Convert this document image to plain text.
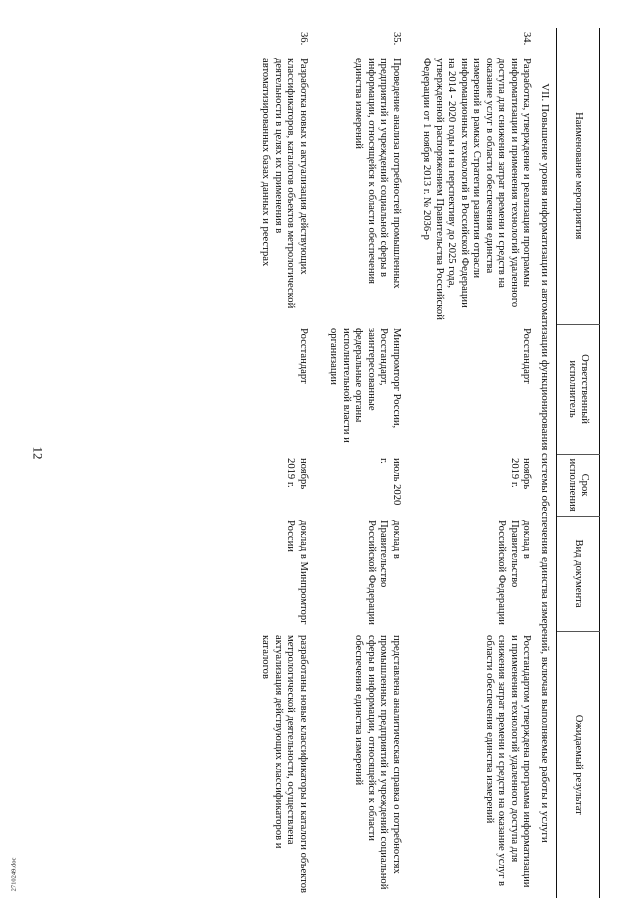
12
2710249.doc
Наименование мероприятия		Ответственный исполнитель	Срок исполнения	Вид документа	Ожидаемый результат
VII. Повышение уровня информатизации и автоматизации функционирования системы обеспечения единства измерений, включая выполняемые работы и услуги					
34.	Разработка, утверждение и реализация программы информатизации и применения технологий удаленного доступа для снижения затрат времени и средств на оказание услуг в области обеспечения единства измерений в рамках Стратегии развития отрасли информационных технологий в Российской Федерации на 2014 - 2020 годы и на перспективу до 2025 года, утвержденной распоряжением Правительства Российской Федерации от 1 ноября 2013 г. № 2036-р	Росстандарт	ноябрь 2019 г.	доклад в Правительство Российской Федерации	Росстандартом утверждена программа информатизации и применения технологий удаленного доступа для снижения затрат времени и средств на оказание услуг в области обеспечения единства измерений
35.	Проведение анализа потребностей промышленных предприятий и учреждений социальной сферы в информации, относящейся к области обеспечения единства измерений	Минпромторг России, Росстандарт, заинтересованные федеральные органы исполнительной власти и организации	июль 2020 г.	доклад в Правительство Российской Федерации	представлена аналитическая справка о потребностях промышленных предприятий и учреждений социальной сферы в информации, относящейся к области обеспечения единства измерений
36.	Разработка новых и актуализация действующих классификаторов, каталогов объектов метрологической деятельности в целях их применения в автоматизированных базах данных и реестрах	Росстандарт	ноябрь 2019 г.	доклад в Минпромторг России	разработаны новые классификаторы и каталоги объектов метрологической деятельности, осуществлена актуализация действующих классификаторов и каталогов
